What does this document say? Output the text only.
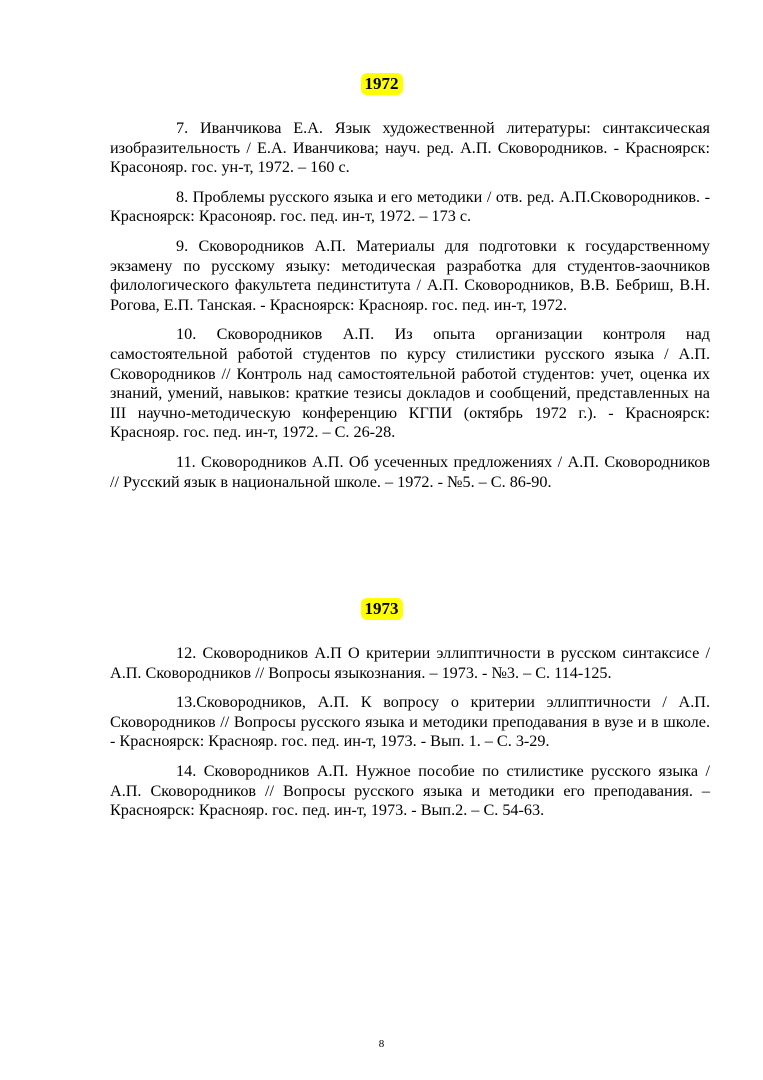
1972

7. Иванчикова Е.А. Язык художественной литературы: синтаксическая изобразительность / Е.А. Иванчикова; науч. ред. А.П. Сковородников. - Красноярск: Красонояр. гос. ун-т, 1972. – 160 с.

8. Проблемы русского языка и его методики / отв. ред. А.П.Сковородников. - Красноярск: Красонояр. гос. пед. ин-т, 1972. – 173 с.

9. Сковородников А.П. Материалы для подготовки к государственному экзамену по русскому языку: методическая разработка для студентов-заочников филологического факультета пединститута / А.П. Сковородников, В.В. Бебриш, В.Н. Рогова, Е.П. Танская. - Красноярск: Краснояр. гос. пед. ин-т, 1972.

10. Сковородников А.П. Из опыта организации контроля над самостоятельной работой студентов по курсу стилистики русского языка / А.П. Сковородников // Контроль над самостоятельной работой студентов: учет, оценка их знаний, умений, навыков: краткие тезисы докладов и сообщений, представленных на III научно-методическую конференцию КГПИ (октябрь 1972 г.). - Красноярск: Краснояр. гос. пед. ин-т, 1972. – С. 26-28.

11. Сковородников А.П. Об усеченных предложениях / А.П. Сковородников // Русский язык в национальной школе. – 1972. - №5. – С. 86-90.

1973

12. Сковородников А.П О критерии эллиптичности в русском синтаксисе / А.П. Сковородников // Вопросы языкознания. – 1973. - №3. – С. 114-125.

13.Сковородников, А.П. К вопросу о критерии эллиптичности / А.П. Сковородников // Вопросы русского языка и методики преподавания в вузе и в школе. - Красноярск: Краснояр. гос. пед. ин-т, 1973. - Вып. 1. – С. 3-29.

14. Сковородников А.П. Нужное пособие по стилистике русского языка / А.П. Сковородников // Вопросы русского языка и методики его преподавания. – Красноярск: Краснояр. гос. пед. ин-т, 1973. - Вып.2. – С. 54-63.

8
